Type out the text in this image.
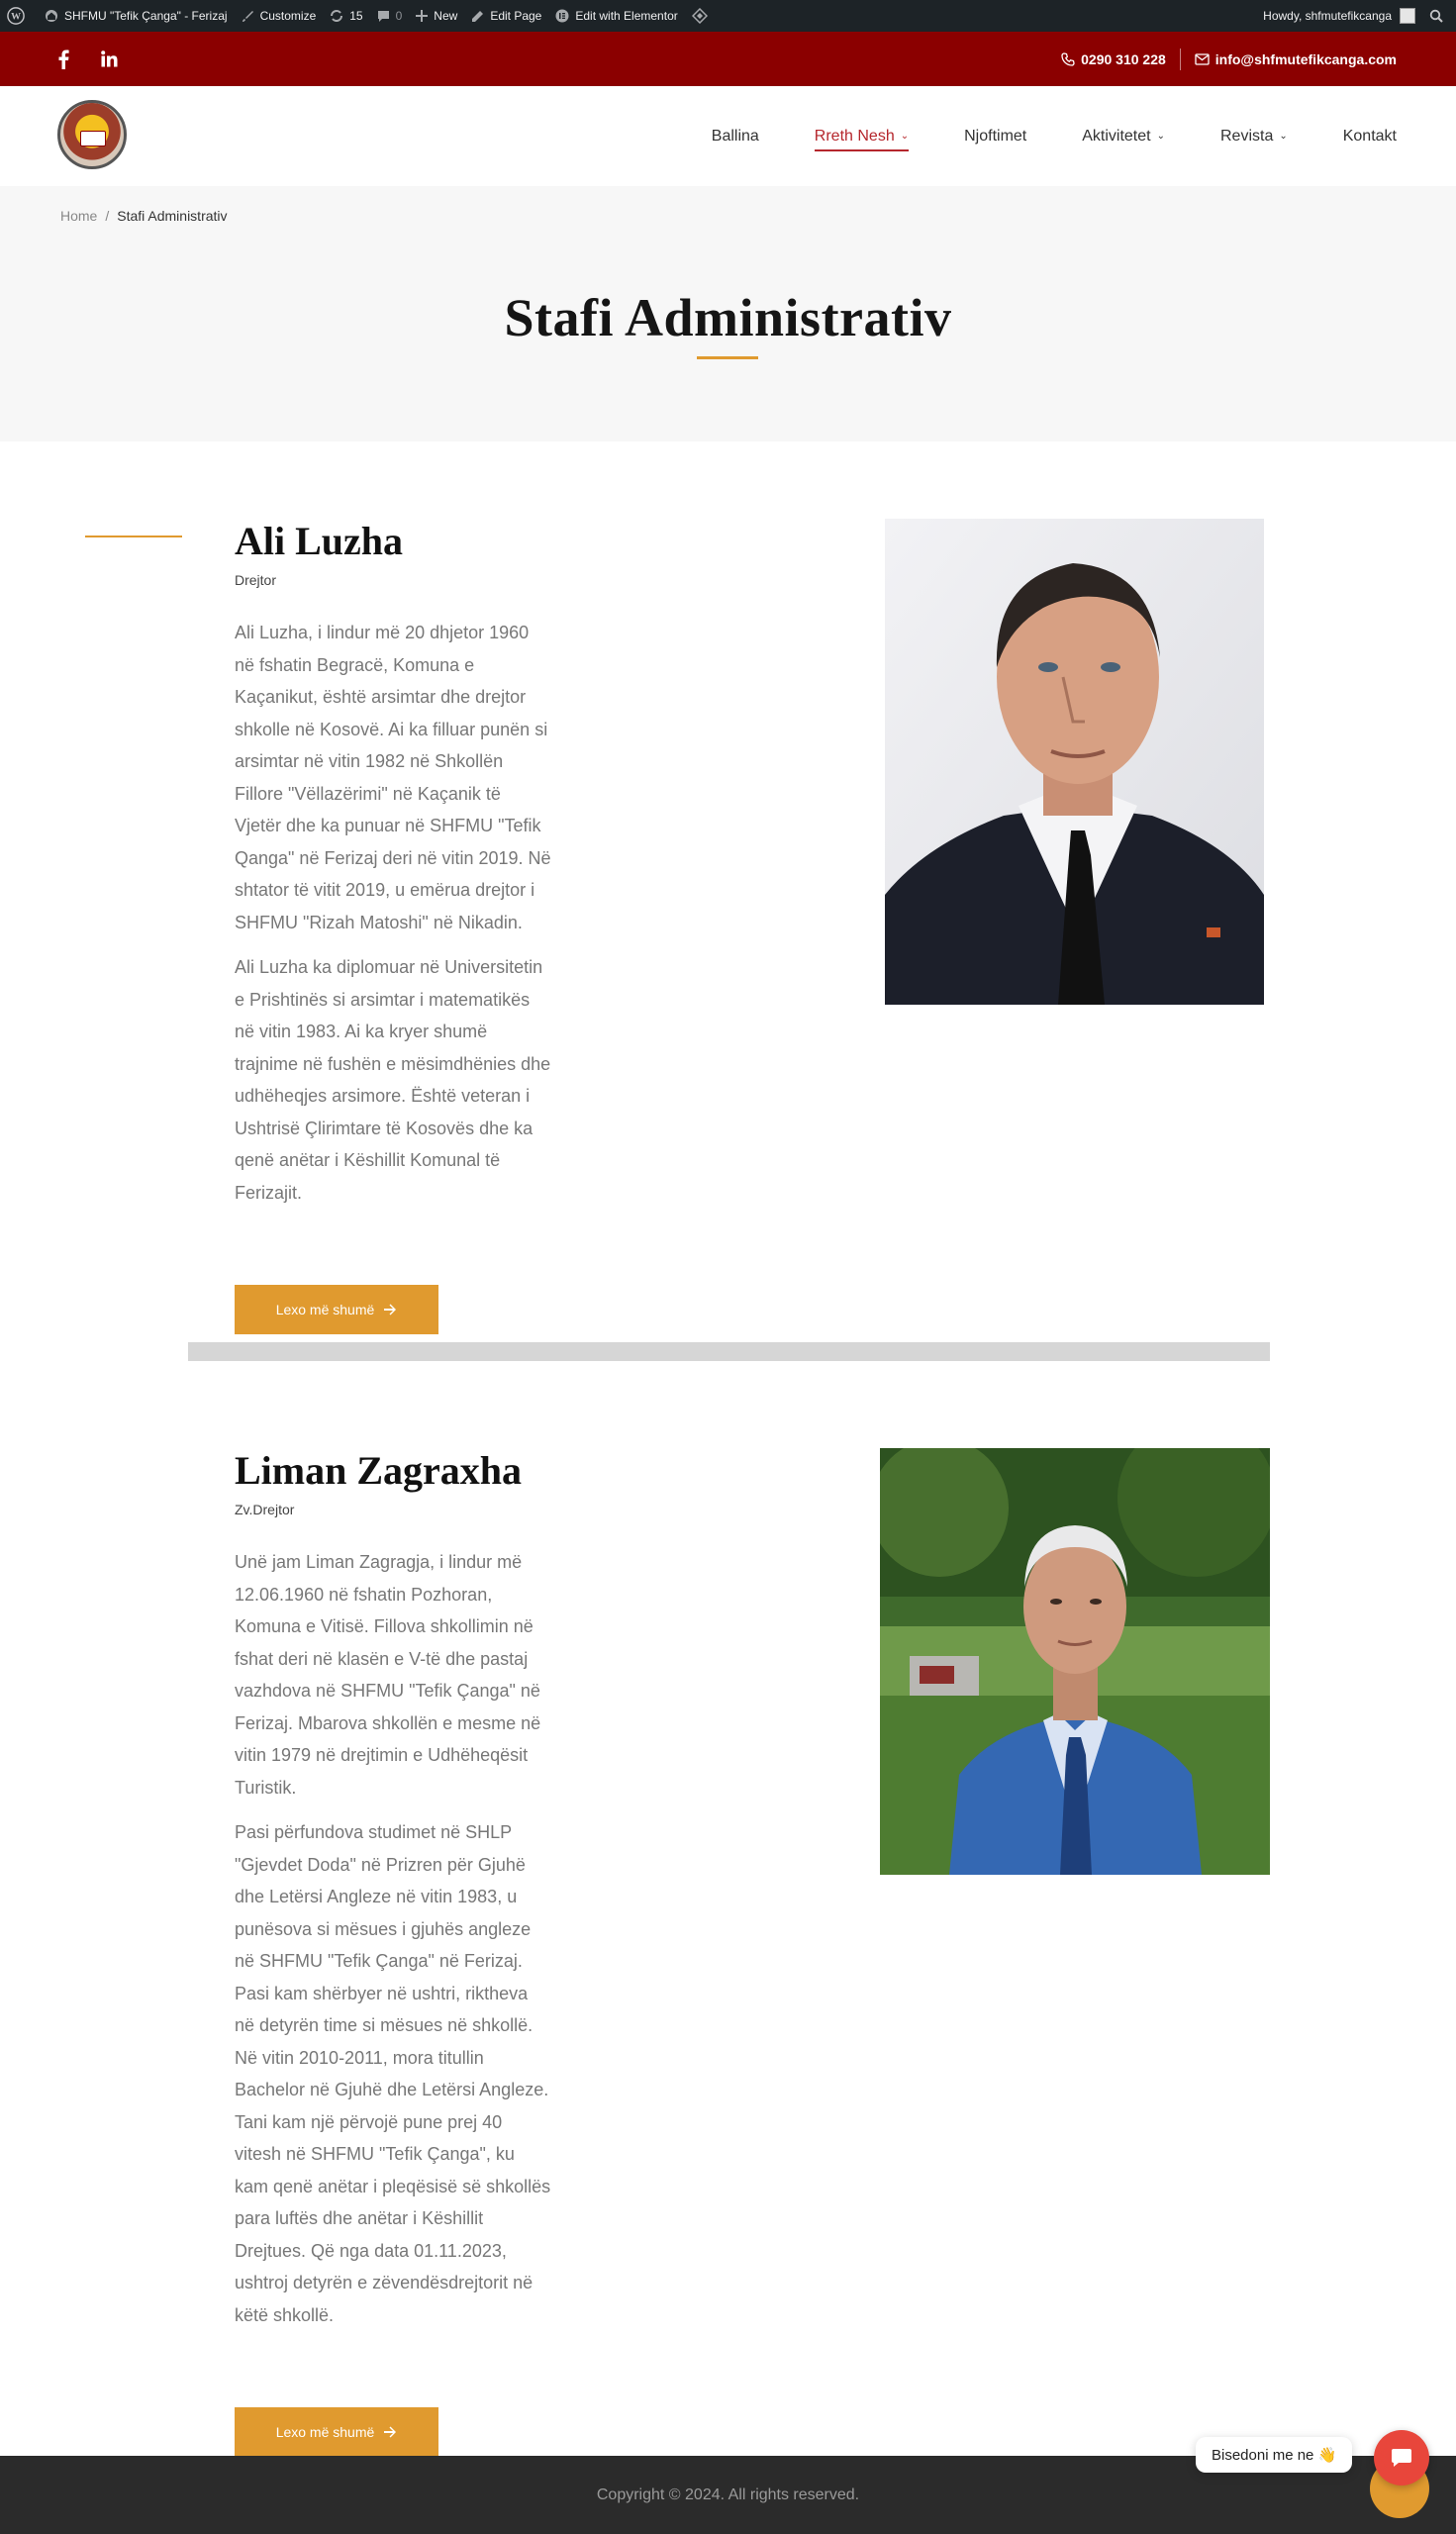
W	SHFMU "Tefik Çanga" - Ferizaj	Customize	15	0	New	Edit Page	Edit with Elementor	Howdy, shfmutefikcanga
0290 310 228	info@shfmutefikcanga.com
Ballina	Rreth Nesh ⌄	Njoftimet	Aktivitetet ⌄	Revista ⌄	Kontakt
Home / Stafi Administrativ
Stafi Administrativ
Ali Luzha
Drejtor

Ali Luzha, i lindur më 20 dhjetor 1960 në fshatin Begracë, Komuna e Kaçanikut, është arsimtar dhe drejtor shkolle në Kosovë. Ai ka filluar punën si arsimtar në vitin 1982 në Shkollën Fillore "Vëllazërimi" në Kaçanik të Vjetër dhe ka punuar në SHFMU "Tefik Qanga" në Ferizaj deri në vitin 2019. Në shtator të vitit 2019, u emërua drejtor i SHFMU "Rizah Matoshi" në Nikadin.

Ali Luzha ka diplomuar në Universitetin e Prishtinës si arsimtar i matematikës në vitin 1983. Ai ka kryer shumë trajnime në fushën e mësimdhënies dhe udhëheqjes arsimore. Është veteran i Ushtrisë Çlirimtare të Kosovës dhe ka qenë anëtar i Këshillit Komunal të Ferizajit.

Lexo më shumë
Liman Zagraxha
Zv.Drejtor

Unë jam Liman Zagragja, i lindur më 12.06.1960 në fshatin Pozhoran, Komuna e Vitisë. Fillova shkollimin në fshat deri në klasën e V-të dhe pastaj vazhdova në SHFMU "Tefik Çanga" në Ferizaj. Mbarova shkollën e mesme në vitin 1979 në drejtimin e Udhëheqësit Turistik.

Pasi përfundova studimet në SHLP "Gjevdet Doda" në Prizren për Gjuhë dhe Letërsi Angleze në vitin 1983, u punësova si mësues i gjuhës angleze në SHFMU "Tefik Çanga" në Ferizaj. Pasi kam shërbyer në ushtri, riktheva në detyrën time si mësues në shkollë. Në vitin 2010-2011, mora titullin Bachelor në Gjuhë dhe Letërsi Angleze. Tani kam një përvojë pune prej 40 vitesh në SHFMU "Tefik Çanga", ku kam qenë anëtar i pleqësisë së shkollës para luftës dhe anëtar i Këshillit Drejtues. Që nga data 01.11.2023, ushtroj detyrën e zëvendësdrejtorit në këtë shkollë.

Lexo më shumë
Copyright © 2024. All rights reserved.
Bisedoni me ne 👋
